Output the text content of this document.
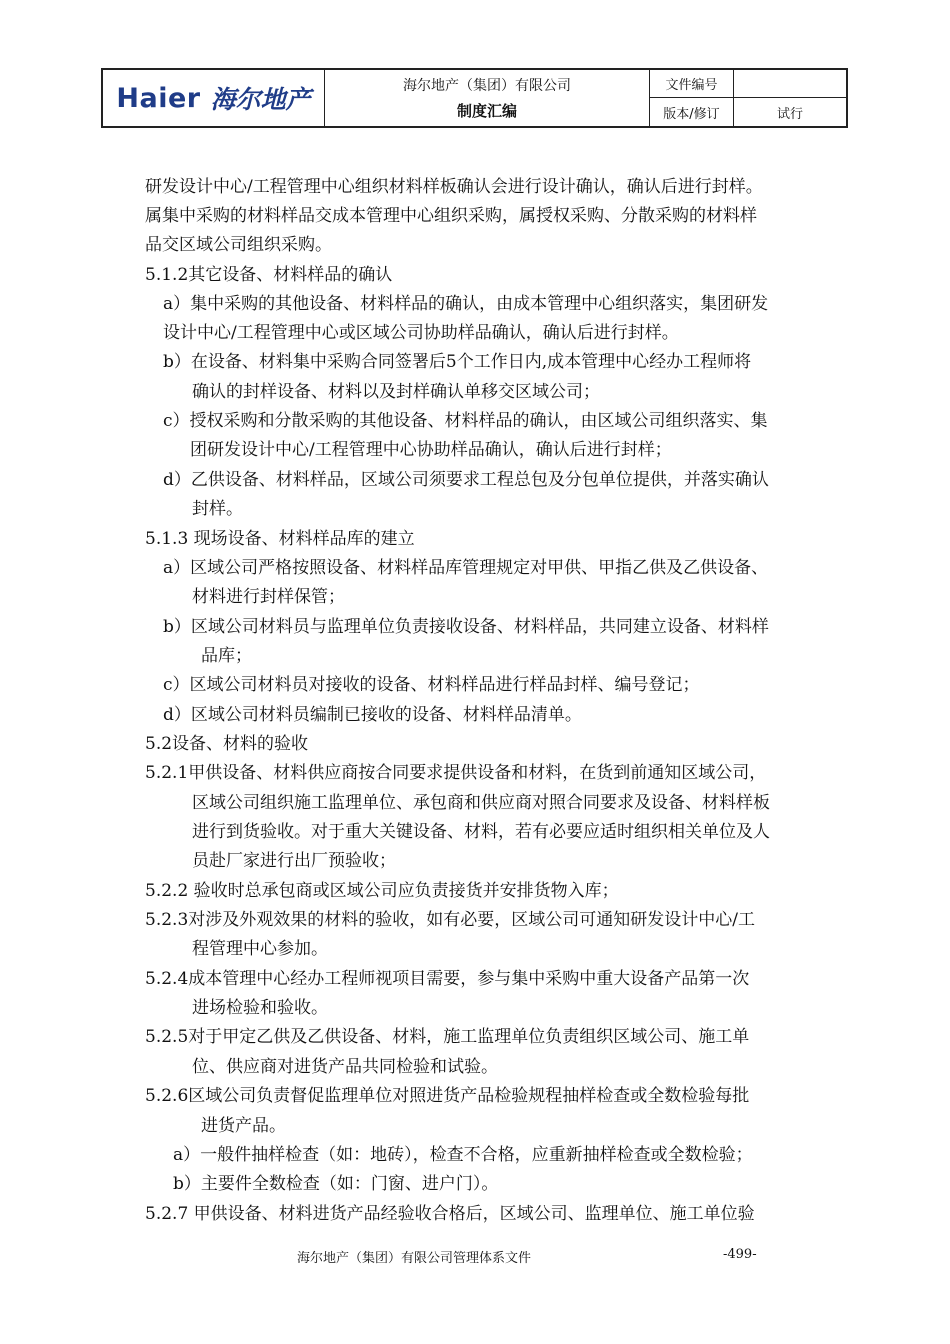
Haier 海尔地产	海尔地产（集团）有限公司
制度汇编
文件编号
版本/修订	试行
研发设计中心/工程管理中心组织材料样板确认会进行设计确认，确认后进行封样。
属集中采购的材料样品交成本管理中心组织采购，属授权采购、分散采购的材料样
品交区域公司组织采购。
5.1.2其它设备、材料样品的确认
a）集中采购的其他设备、材料样品的确认，由成本管理中心组织落实，集团研发
设计中心/工程管理中心或区域公司协助样品确认，确认后进行封样。
b）在设备、材料集中采购合同签署后5个工作日内,成本管理中心经办工程师将
确认的封样设备、材料以及封样确认单移交区域公司；
c）授权采购和分散采购的其他设备、材料样品的确认，由区域公司组织落实、集
团研发设计中心/工程管理中心协助样品确认，确认后进行封样；
d）乙供设备、材料样品，区域公司须要求工程总包及分包单位提供，并落实确认
封样。
5.1.3 现场设备、材料样品库的建立
a）区域公司严格按照设备、材料样品库管理规定对甲供、甲指乙供及乙供设备、
材料进行封样保管；
b）区域公司材料员与监理单位负责接收设备、材料样品，共同建立设备、材料样
品库；
c）区域公司材料员对接收的设备、材料样品进行样品封样、编号登记；
d）区域公司材料员编制已接收的设备、材料样品清单。
5.2设备、材料的验收
5.2.1甲供设备、材料供应商按合同要求提供设备和材料，在货到前通知区域公司，
区域公司组织施工监理单位、承包商和供应商对照合同要求及设备、材料样板
进行到货验收。对于重大关键设备、材料，若有必要应适时组织相关单位及人
员赴厂家进行出厂预验收；
5.2.2 验收时总承包商或区域公司应负责接货并安排货物入库；
5.2.3对涉及外观效果的材料的验收，如有必要，区域公司可通知研发设计中心/工
程管理中心参加。
5.2.4成本管理中心经办工程师视项目需要，参与集中采购中重大设备产品第一次
进场检验和验收。
5.2.5对于甲定乙供及乙供设备、材料，施工监理单位负责组织区域公司、施工单
位、供应商对进货产品共同检验和试验。
5.2.6区域公司负责督促监理单位对照进货产品检验规程抽样检查或全数检验每批
进货产品。
a）一般件抽样检查（如：地砖），检查不合格，应重新抽样检查或全数检验；
b）主要件全数检查（如：门窗、进户门）。
5.2.7 甲供设备、材料进货产品经验收合格后，区域公司、监理单位、施工单位验
海尔地产（集团）有限公司管理体系文件	-499-
